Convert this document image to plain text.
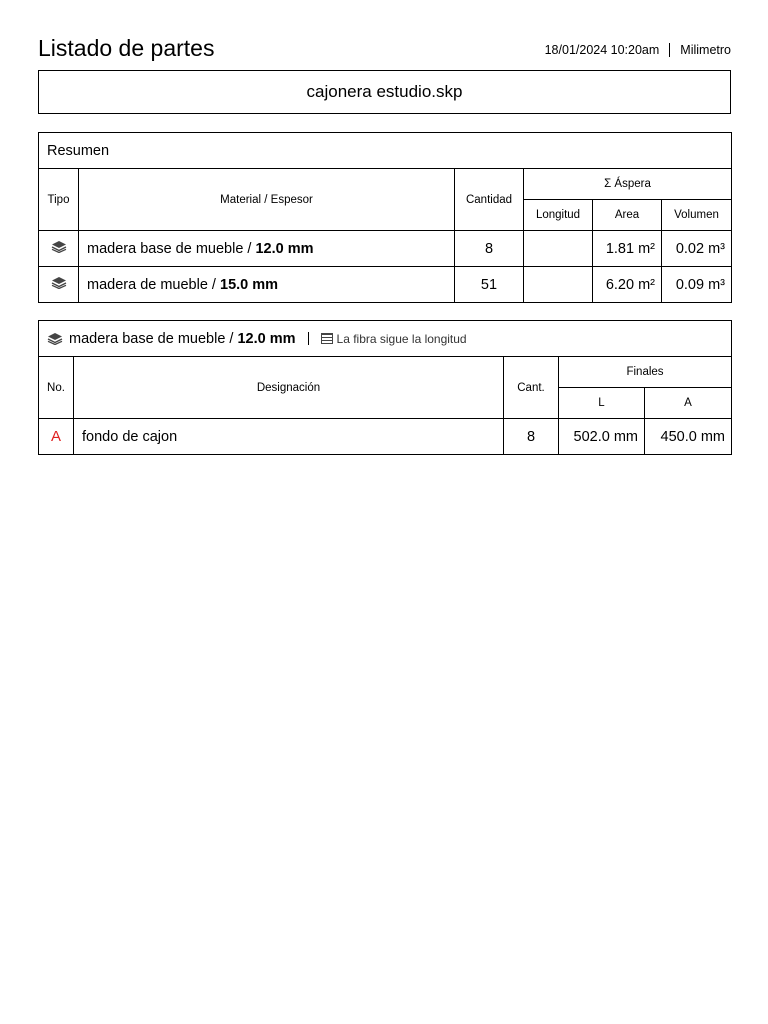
Listado de partes	18/01/2024 10:20am Milimetro
cajonera estudio.skp
Resumen					
Tipo	Material / Espesor	Cantidad	Σ Áspera		
			Longitud	Area	Volumen

	madera base de mueble / 12.0 mm	8		1.81 m²	0.02 m³

	madera de mueble / 15.0 mm	51		6.20 m²	0.09 m³
madera base de mueble / 12.0 mm La fibra sigue la longitud				
No.	Designación	Cant.	Finales	
			L	A
A	fondo de cajon	8	502.0 mm	450.0 mm
